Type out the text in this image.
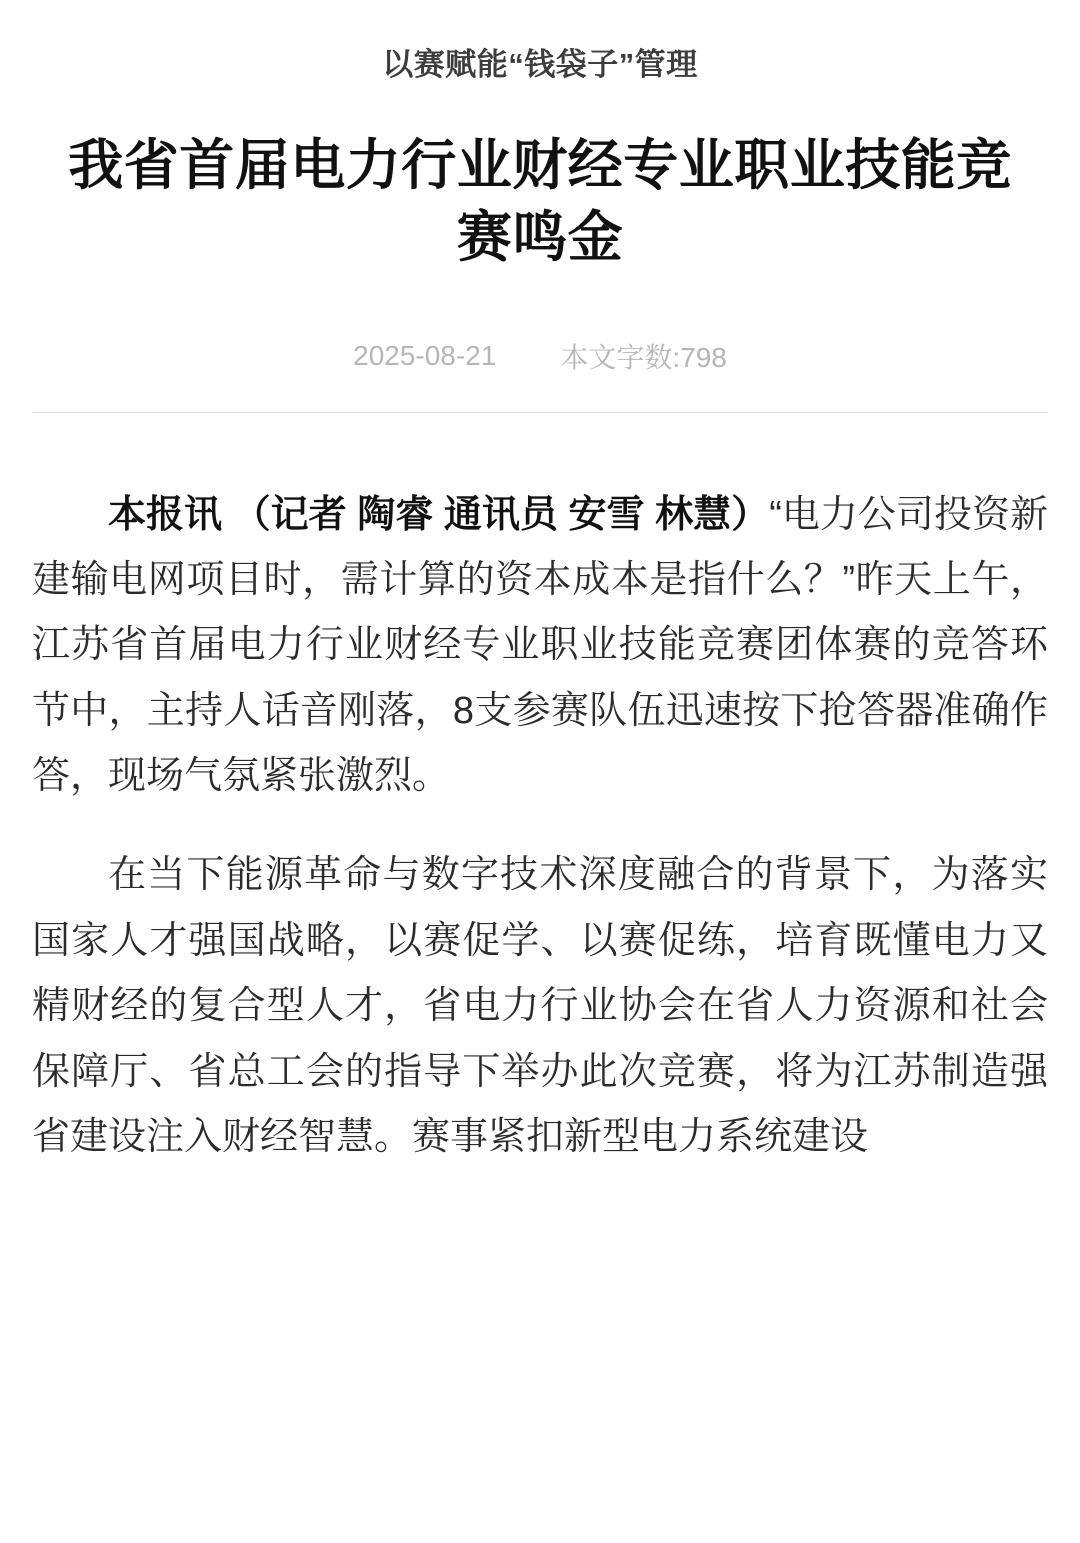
以赛赋能“钱袋子”管理
我省首届电力行业财经专业职业技能竞赛鸣金
2025-08-21 本文字数:798

本报讯 （记者 陶睿 通讯员 安雪 林慧）“电力公司投资新建输电网项目时，需计算的资本成本是指什么？”昨天上午，江苏省首届电力行业财经专业职业技能竞赛团体赛的竞答环节中，主持人话音刚落，8支参赛队伍迅速按下抢答器准确作答，现场气氛紧张激烈。

在当下能源革命与数字技术深度融合的背景下，为落实国家人才强国战略，以赛促学、以赛促练，培育既懂电力又精财经的复合型人才，省电力行业协会在省人力资源和社会保障厅、省总工会的指导下举办此次竞赛，将为江苏制造强省建设注入财经智慧。赛事紧扣新型电力系统建设
